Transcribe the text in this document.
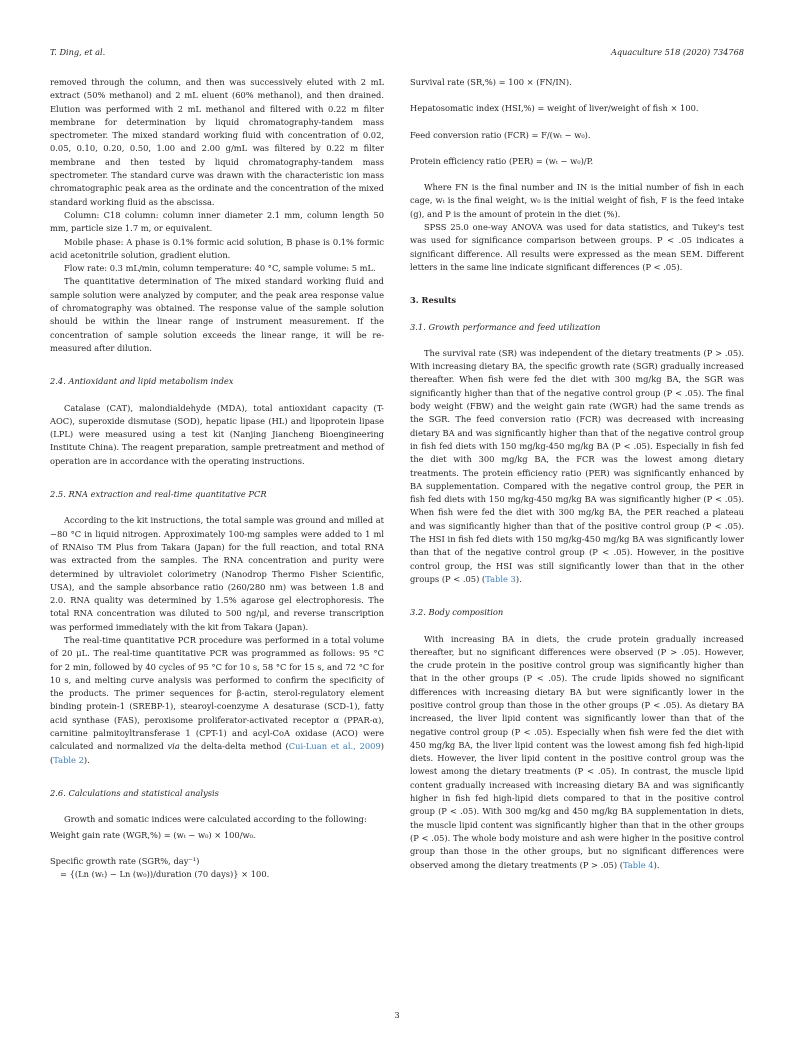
T. Ding, et al.	Aquaculture 518 (2020) 734768

removed through the column, and then was successively eluted with 2 mL extract (50% methanol) and 2 mL eluent (60% methanol), and then drained. Elution was performed with 2 mL methanol and filtered with 0.22 m filter membrane for determination by liquid chromatography-tandem mass spectrometer. The mixed standard working fluid with concentration of 0.02, 0.05, 0.10, 0.20, 0.50, 1.00 and 2.00 g/mL was filtered by 0.22 m filter membrane and then tested by liquid chromatography-tandem mass spectrometer. The standard curve was drawn with the characteristic ion mass chromatographic peak area as the ordinate and the concentration of the mixed standard working fluid as the abscissa.

Column: C18 column: column inner diameter 2.1 mm, column length 50 mm, particle size 1.7 m, or equivalent.

Mobile phase: A phase is 0.1% formic acid solution, B phase is 0.1% formic acid acetonitrile solution, gradient elution.

Flow rate: 0.3 mL/min, column temperature: 40 °C, sample volume: 5 mL.

The quantitative determination of The mixed standard working fluid and sample solution were analyzed by computer, and the peak area response value of chromatography was obtained. The response value of the sample solution should be within the linear range of instrument measurement. If the concentration of sample solution exceeds the linear range, it will be re-measured after dilution.

2.4. Antioxidant and lipid metabolism index

Catalase (CAT), malondialdehyde (MDA), total antioxidant capacity (T-AOC), superoxide dismutase (SOD), hepatic lipase (HL) and lipoprotein lipase (LPL) were measured using a test kit (Nanjing Jiancheng Bioengineering Institute China). The reagent preparation, sample pretreatment and method of operation are in accordance with the operating instructions.

2.5. RNA extraction and real-time quantitative PCR

According to the kit instructions, the total sample was ground and milled at −80 °C in liquid nitrogen. Approximately 100-mg samples were added to 1 ml of RNAiso TM Plus from Takara (Japan) for the full reaction, and total RNA was extracted from the samples. The RNA concentration and purity were determined by ultraviolet colorimetry (Nanodrop Thermo Fisher Scientific, USA), and the sample absorbance ratio (260/280 nm) was between 1.8 and 2.0. RNA quality was determined by 1.5% agarose gel electrophoresis. The total RNA concentration was diluted to 500 ng/μl, and reverse transcription was performed immediately with the kit from Takara (Japan).

The real-time quantitative PCR procedure was performed in a total volume of 20 μL. The real-time quantitative PCR was programmed as follows: 95 °C for 2 min, followed by 40 cycles of 95 °C for 10 s, 58 °C for 15 s, and 72 °C for 10 s, and melting curve analysis was performed to confirm the specificity of the products. The primer sequences for β-actin, sterol-regulatory element binding protein-1 (SREBP-1), stearoyl-coenzyme A desaturase (SCD-1), fatty acid synthase (FAS), peroxisome proliferator-activated receptor α (PPAR-α), carnitine palmitoyltransferase 1 (CPT-1) and acyl-CoA oxidase (ACO) were calculated and normalized via the delta-delta method (Cui-Luan et al., 2009) (Table 2).

2.6. Calculations and statistical analysis

Growth and somatic indices were calculated according to the following:

Weight gain rate (WGR,%) = (wₜ − w₀) × 100/w₀.
Specific growth rate (SGR%, day⁻¹)
= {(Ln (wₜ) − Ln (w₀))/duration (70 days)} × 100.
Survival rate (SR,%) = 100 × (FN/IN).
Hepatosomatic index (HSI,%) = weight of liver/weight of fish × 100.
Feed conversion ratio (FCR) = F/(wₜ − w₀).
Protein efficiency ratio (PER) = (wₜ − w₀)/P.

Where FN is the final number and IN is the initial number of fish in each cage, wₜ is the final weight, w₀ is the initial weight of fish, F is the feed intake (g), and P is the amount of protein in the diet (%).

SPSS 25.0 one-way ANOVA was used for data statistics, and Tukey's test was used for significance comparison between groups. P < .05 indicates a significant difference. All results were expressed as the mean SEM. Different letters in the same line indicate significant differences (P < .05).

3. Results
3.1. Growth performance and feed utilization

The survival rate (SR) was independent of the dietary treatments (P > .05). With increasing dietary BA, the specific growth rate (SGR) gradually increased thereafter. When fish were fed the diet with 300 mg/kg BA, the SGR was significantly higher than that of the negative control group (P < .05). The final body weight (FBW) and the weight gain rate (WGR) had the same trends as the SGR. The feed conversion ratio (FCR) was decreased with increasing dietary BA and was significantly higher than that of the negative control group in fish fed diets with 150 mg/kg-450 mg/kg BA (P < .05). Especially in fish fed the diet with 300 mg/kg BA, the FCR was the lowest among dietary treatments. The protein efficiency ratio (PER) was significantly enhanced by BA supplementation. Compared with the negative control group, the PER in fish fed diets with 150 mg/kg-450 mg/kg BA was significantly higher (P < .05). When fish were fed the diet with 300 mg/kg BA, the PER reached a plateau and was significantly higher than that of the positive control group (P < .05). The HSI in fish fed diets with 150 mg/kg-450 mg/kg BA was significantly lower than that of the negative control group (P < .05). However, in the positive control group, the HSI was still significantly lower than that in the other groups (P < .05) (Table 3).

3.2. Body composition

With increasing BA in diets, the crude protein gradually increased thereafter, but no significant differences were observed (P > .05). However, the crude protein in the positive control group was significantly higher than that in the other groups (P < .05). The crude lipids showed no significant differences with increasing dietary BA but were significantly lower in the positive control group than those in the other groups (P < .05). As dietary BA increased, the liver lipid content was significantly lower than that of the negative control group (P < .05). Especially when fish were fed the diet with 450 mg/kg BA, the liver lipid content was the lowest among fish fed high-lipid diets. However, the liver lipid content in the positive control group was the lowest among the dietary treatments (P < .05). In contrast, the muscle lipid content gradually increased with increasing dietary BA and was significantly higher in fish fed high-lipid diets compared to that in the positive control group (P < .05). With 300 mg/kg and 450 mg/kg BA supplementation in diets, the muscle lipid content was significantly higher than that in the other groups (P < .05). The whole body moisture and ash were higher in the positive control group than those in the other groups, but no significant differences were observed among the dietary treatments (P > .05) (Table 4).

3
